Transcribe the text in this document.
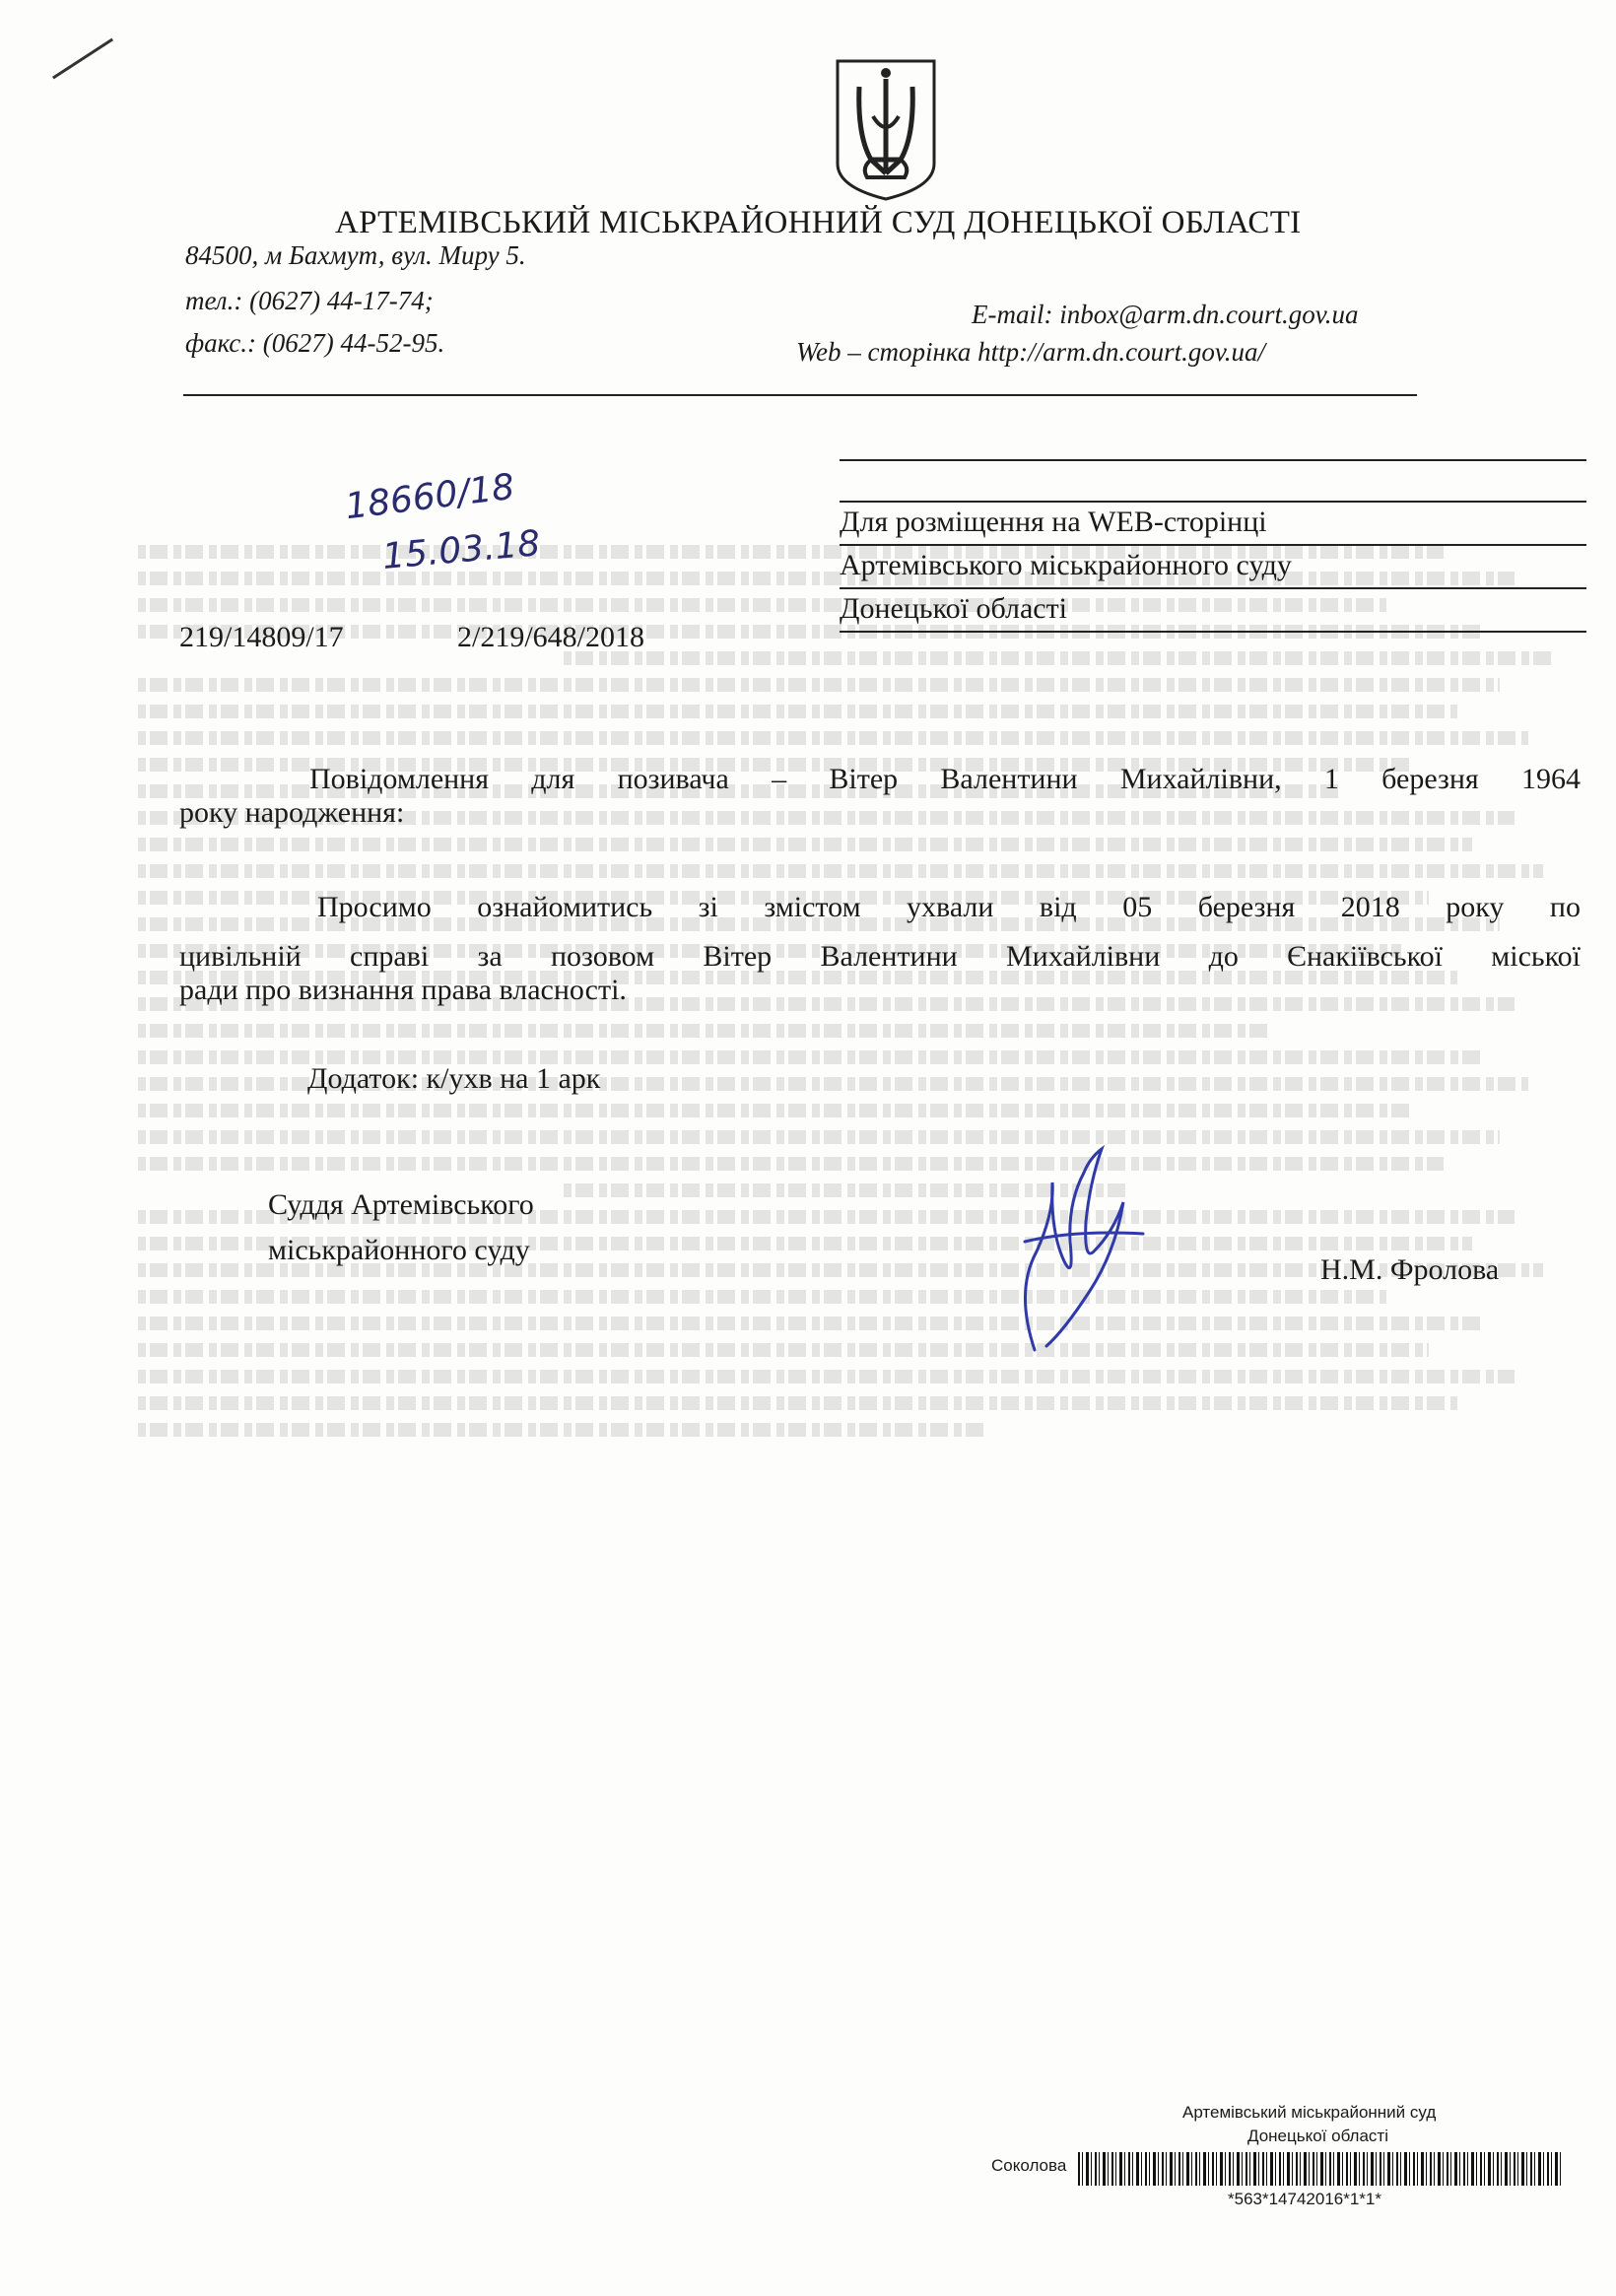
АРТЕМІВСЬКИЙ МІСЬКРАЙОННИЙ СУД ДОНЕЦЬКОЇ ОБЛАСТІ
84500, м Бахмут, вул. Миру 5.
тел.: (0627) 44-17-74;	E-mail: inbox@arm.dn.court.gov.ua
факс.: (0627) 44-52-95.	Web – сторінка http://arm.dn.court.gov.ua/
18660/18
15.03.18
Для розміщення на WEB-сторінці
Артемівського міськрайонного суду
Донецької області
219/14809/17	2/219/648/2018
Повідомлення для позивача – Вітер Валентини Михайлівни, 1 березня 1964
року народження:
Просимо ознайомитись зі змістом ухвали від 05 березня 2018 року по
цивільній справі за позовом Вітер Валентини Михайлівни до Єнакіївської міської
ради про визнання права власності.
Додаток: к/ухв на 1 арк
Суддя Артемівського
міськрайонного суду
Н.М. Фролова
Артемівський міськрайонний суд
Донецької області
Соколова
*563*14742016*1*1*
